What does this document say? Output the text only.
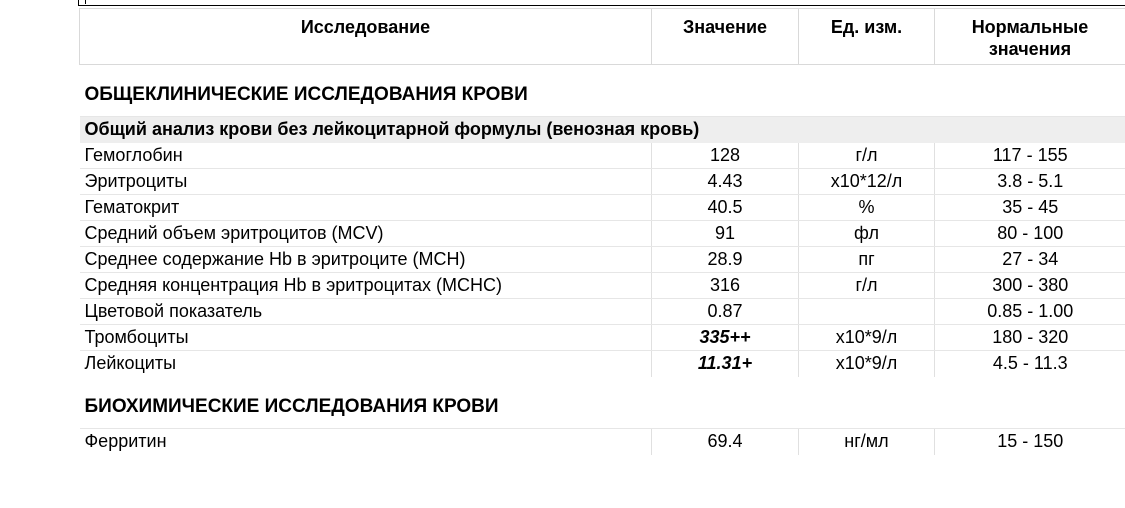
Исследование	Значение	Ед. изм.	Нормальные
значения
ОБЩЕКЛИНИЧЕСКИЕ ИССЛЕДОВАНИЯ КРОВИ			
Общий анализ крови без лейкоцитарной формулы (венозная кровь)			
Гемоглобин	128	г/л	117 - 155
Эритроциты	4.43	x10*12/л	3.8 - 5.1
Гематокрит	40.5	%	35 - 45
Средний объем эритроцитов (MCV)	91	фл	80 - 100
Среднее содержание Hb в эритроците (MCH)	28.9	пг	27 - 34
Средняя концентрация Hb в эритроцитах (MCHC)	316	г/л	300 - 380
Цветовой показатель	0.87		0.85 - 1.00
Тромбоциты	335++	x10*9/л	180 - 320
Лейкоциты	11.31+	x10*9/л	4.5 - 11.3
БИОХИМИЧЕСКИЕ ИССЛЕДОВАНИЯ КРОВИ			
Ферритин	69.4	нг/мл	15 - 150
